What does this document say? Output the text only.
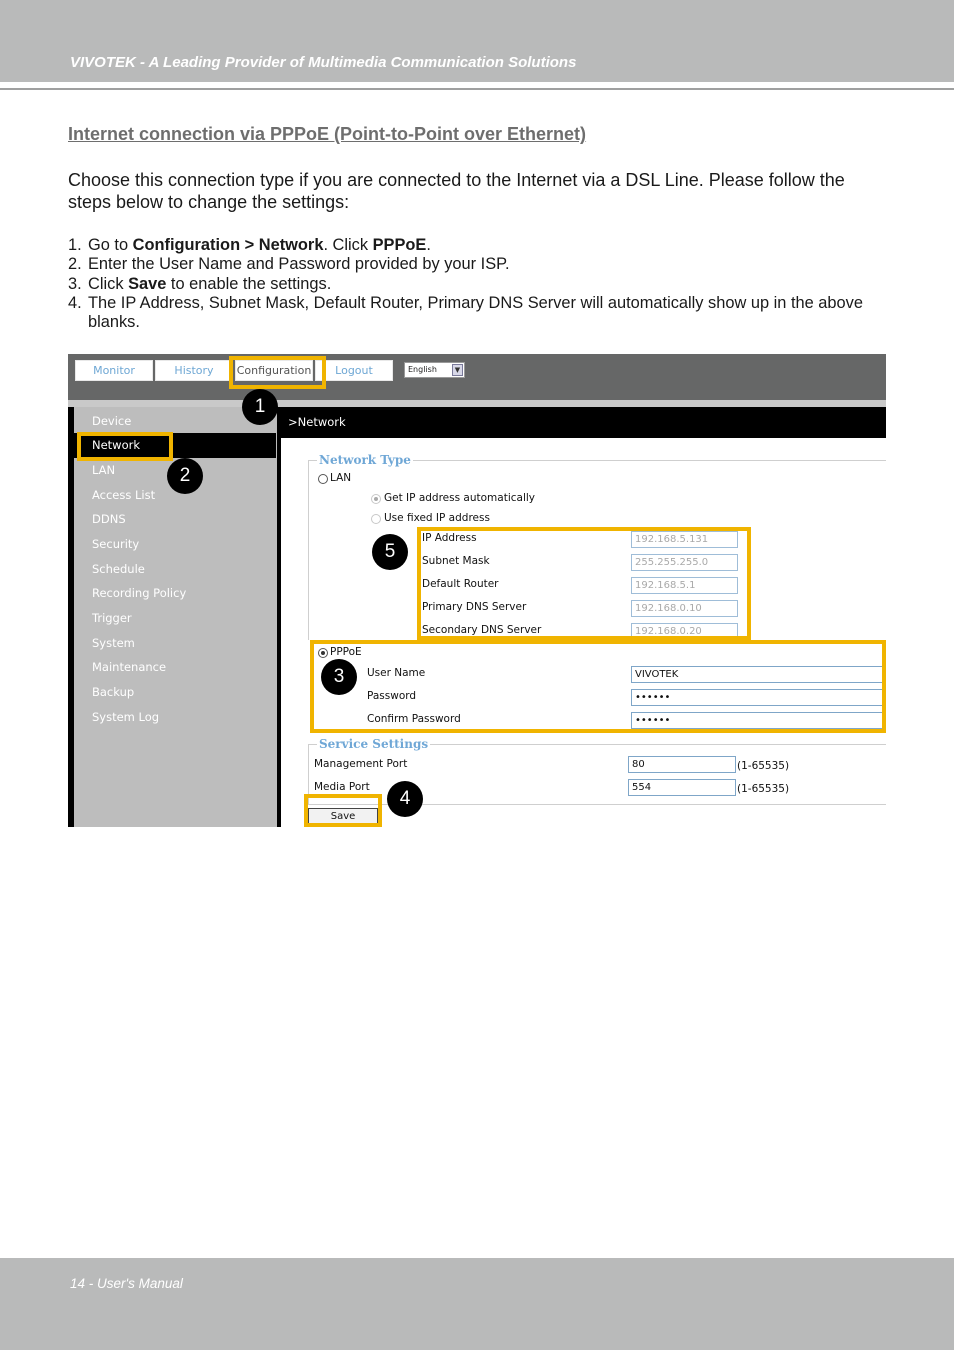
VIVOTEK - A Leading Provider of Multimedia Communication Solutions
Internet connection via PPPoE (Point-to-Point over Ethernet)
Choose this connection type if you are connected to the Internet via a DSL Line. Please follow the steps below to change the settings:
1. Go to Configuration > Network. Click PPPoE.
2. Enter the User Name and Password provided by your ISP.
3. Click Save to enable the settings.
4. The IP Address, Subnet Mask, Default Router, Primary DNS Server will automatically show up in the above blanks.
Monitor	History	Configuration	Logout	English	▼
Device
Network
LAN
Access List
DDNS
Security
Schedule
Recording Policy
Trigger
System
Maintenance
Backup
System Log
>Network
Network Type
LAN
Get IP address automatically
Use fixed IP address
IP Address	192.168.5.131
Subnet Mask	255.255.255.0
Default Router	192.168.5.1
Primary DNS Server	192.168.0.10
Secondary DNS Server	192.168.0.20
PPPoE
User Name	VIVOTEK
Password	••••••
Confirm Password	••••••
Service Settings
Management Port	80	(1-65535)
Media Port	554	(1-65535)
Save
1
2
3
4
5
14 - User's Manual
